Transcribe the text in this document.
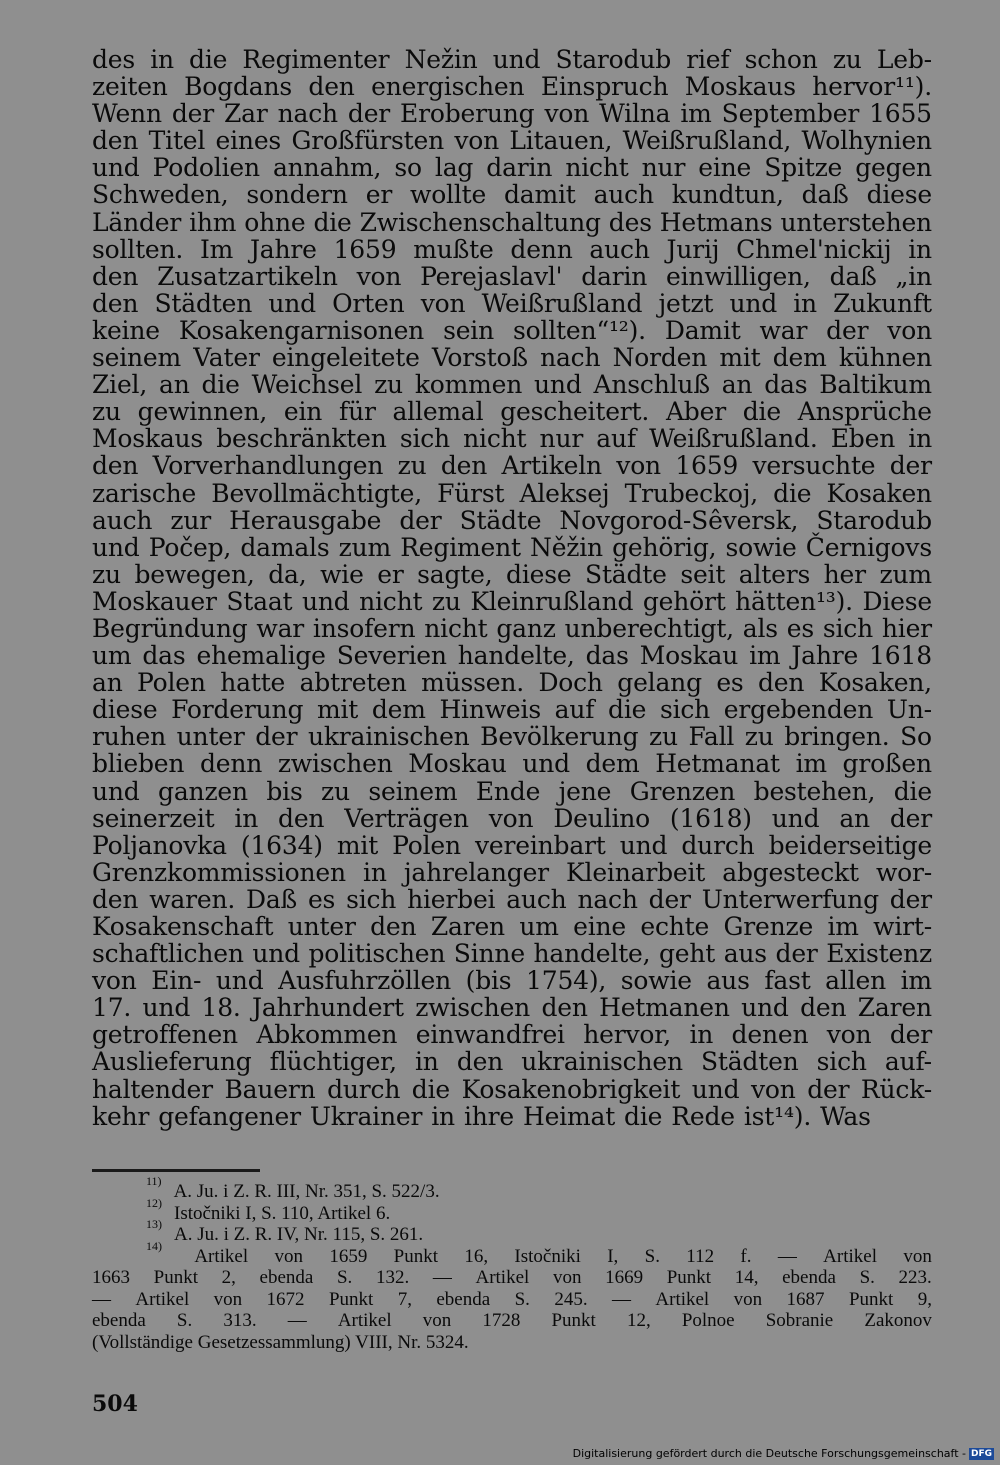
des in die Regimenter Nežin und Starodub rief schon zu Leb-
zeiten Bogdans den energischen Einspruch Moskaus hervor¹¹).
Wenn der Zar nach der Eroberung von Wilna im September 1655
den Titel eines Großfürsten von Litauen, Weißrußland, Wolhynien
und Podolien annahm, so lag darin nicht nur eine Spitze gegen
Schweden, sondern er wollte damit auch kundtun, daß diese
Länder ihm ohne die Zwischenschaltung des Hetmans unterstehen
sollten. Im Jahre 1659 mußte denn auch Jurij Chmel'nickij in
den Zusatzartikeln von Perejaslavl' darin einwilligen, daß „in
den Städten und Orten von Weißrußland jetzt und in Zukunft
keine Kosakengarnisonen sein sollten“¹²). Damit war der von
seinem Vater eingeleitete Vorstoß nach Norden mit dem kühnen
Ziel, an die Weichsel zu kommen und Anschluß an das Baltikum
zu gewinnen, ein für allemal gescheitert. Aber die Ansprüche
Moskaus beschränkten sich nicht nur auf Weißrußland. Eben in
den Vorverhandlungen zu den Artikeln von 1659 versuchte der
zarische Bevollmächtigte, Fürst Aleksej Trubeckoj, die Kosaken
auch zur Herausgabe der Städte Novgorod-Sêversk, Starodub
und Počep, damals zum Regiment Něžin gehörig, sowie Černigovs
zu bewegen, da, wie er sagte, diese Städte seit alters her zum
Moskauer Staat und nicht zu Kleinrußland gehört hätten¹³). Diese
Begründung war insofern nicht ganz unberechtigt, als es sich hier
um das ehemalige Severien handelte, das Moskau im Jahre 1618
an Polen hatte abtreten müssen. Doch gelang es den Kosaken,
diese Forderung mit dem Hinweis auf die sich ergebenden Un-
ruhen unter der ukrainischen Bevölkerung zu Fall zu bringen. So
blieben denn zwischen Moskau und dem Hetmanat im großen
und ganzen bis zu seinem Ende jene Grenzen bestehen, die
seinerzeit in den Verträgen von Deulino (1618) und an der
Poljanovka (1634) mit Polen vereinbart und durch beiderseitige
Grenzkommissionen in jahrelanger Kleinarbeit abgesteckt wor-
den waren. Daß es sich hierbei auch nach der Unterwerfung der
Kosakenschaft unter den Zaren um eine echte Grenze im wirt-
schaftlichen und politischen Sinne handelte, geht aus der Existenz
von Ein- und Ausfuhrzöllen (bis 1754), sowie aus fast allen im
17. und 18. Jahrhundert zwischen den Hetmanen und den Zaren
getroffenen Abkommen einwandfrei hervor, in denen von der
Auslieferung flüchtiger, in den ukrainischen Städten sich auf-
haltender Bauern durch die Kosakenobrigkeit und von der Rück-
kehr gefangener Ukrainer in ihre Heimat die Rede ist¹⁴). Was
11) A. Ju. i Z. R. III, Nr. 351, S. 522/3.
12) Istočniki I, S. 110, Artikel 6.
13) A. Ju. i Z. R. IV, Nr. 115, S. 261.
14) Artikel von 1659 Punkt 16, Istočniki I, S. 112 f. — Artikel von
1663 Punkt 2, ebenda S. 132. — Artikel von 1669 Punkt 14, ebenda S. 223.
— Artikel von 1672 Punkt 7, ebenda S. 245. — Artikel von 1687 Punkt 9,
ebenda S. 313. — Artikel von 1728 Punkt 12, Polnoe Sobranie Zakonov
(Vollständige Gesetzessammlung) VIII, Nr. 5324.
504
Digitalisierung gefördert durch die Deutsche Forschungsgemeinschaft - DFG
